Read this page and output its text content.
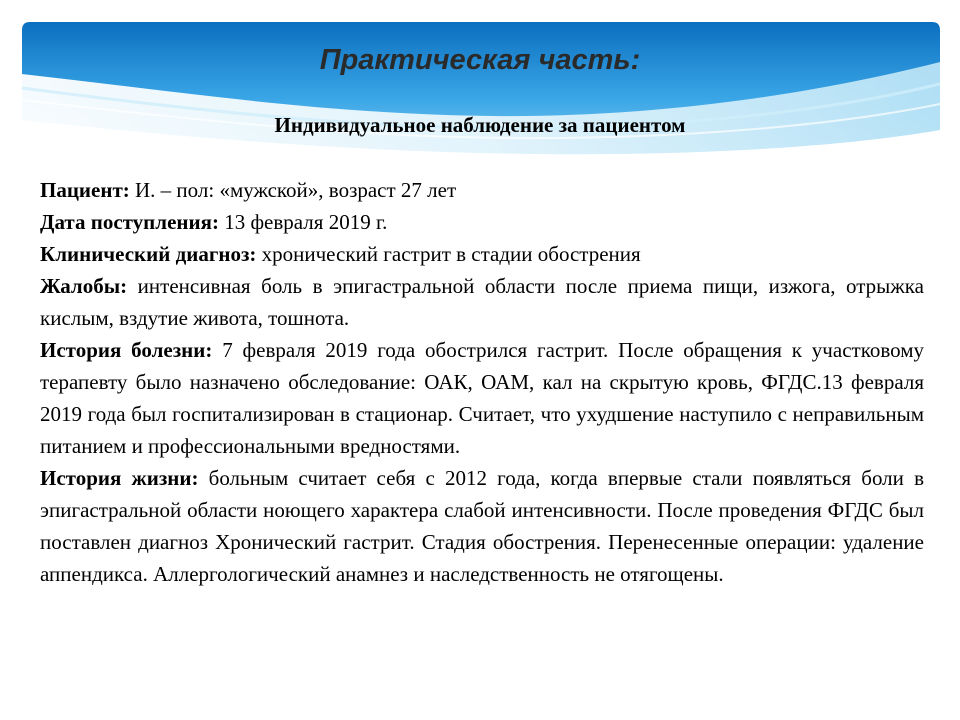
Практическая часть:
Индивидуальное наблюдение за пациентом

Пациент: И. – пол: «мужской», возраст 27 лет

Дата поступления: 13 февраля 2019 г.

Клинический диагноз: хронический гастрит в стадии обострения

Жалобы: интенсивная боль в эпигастральной области после приема пищи, изжога, отрыжка кислым, вздутие живота, тошнота.

История болезни: 7 февраля 2019 года обострился гастрит. После обращения к участковому терапевту было назначено обследование: ОАК, ОАМ, кал на скрытую кровь, ФГДС.13 февраля 2019 года был госпитализирован в стационар. Считает, что ухудшение наступило с неправильным питанием и профессиональными вредностями.

История жизни: больным считает себя с 2012 года, когда впервые стали появляться боли в эпигастральной области ноющего характера слабой интенсивности. После проведения ФГДС был поставлен диагноз Хронический гастрит. Стадия обострения. Перенесенные операции: удаление аппендикса. Аллергологический анамнез и наследственность не отягощены.
